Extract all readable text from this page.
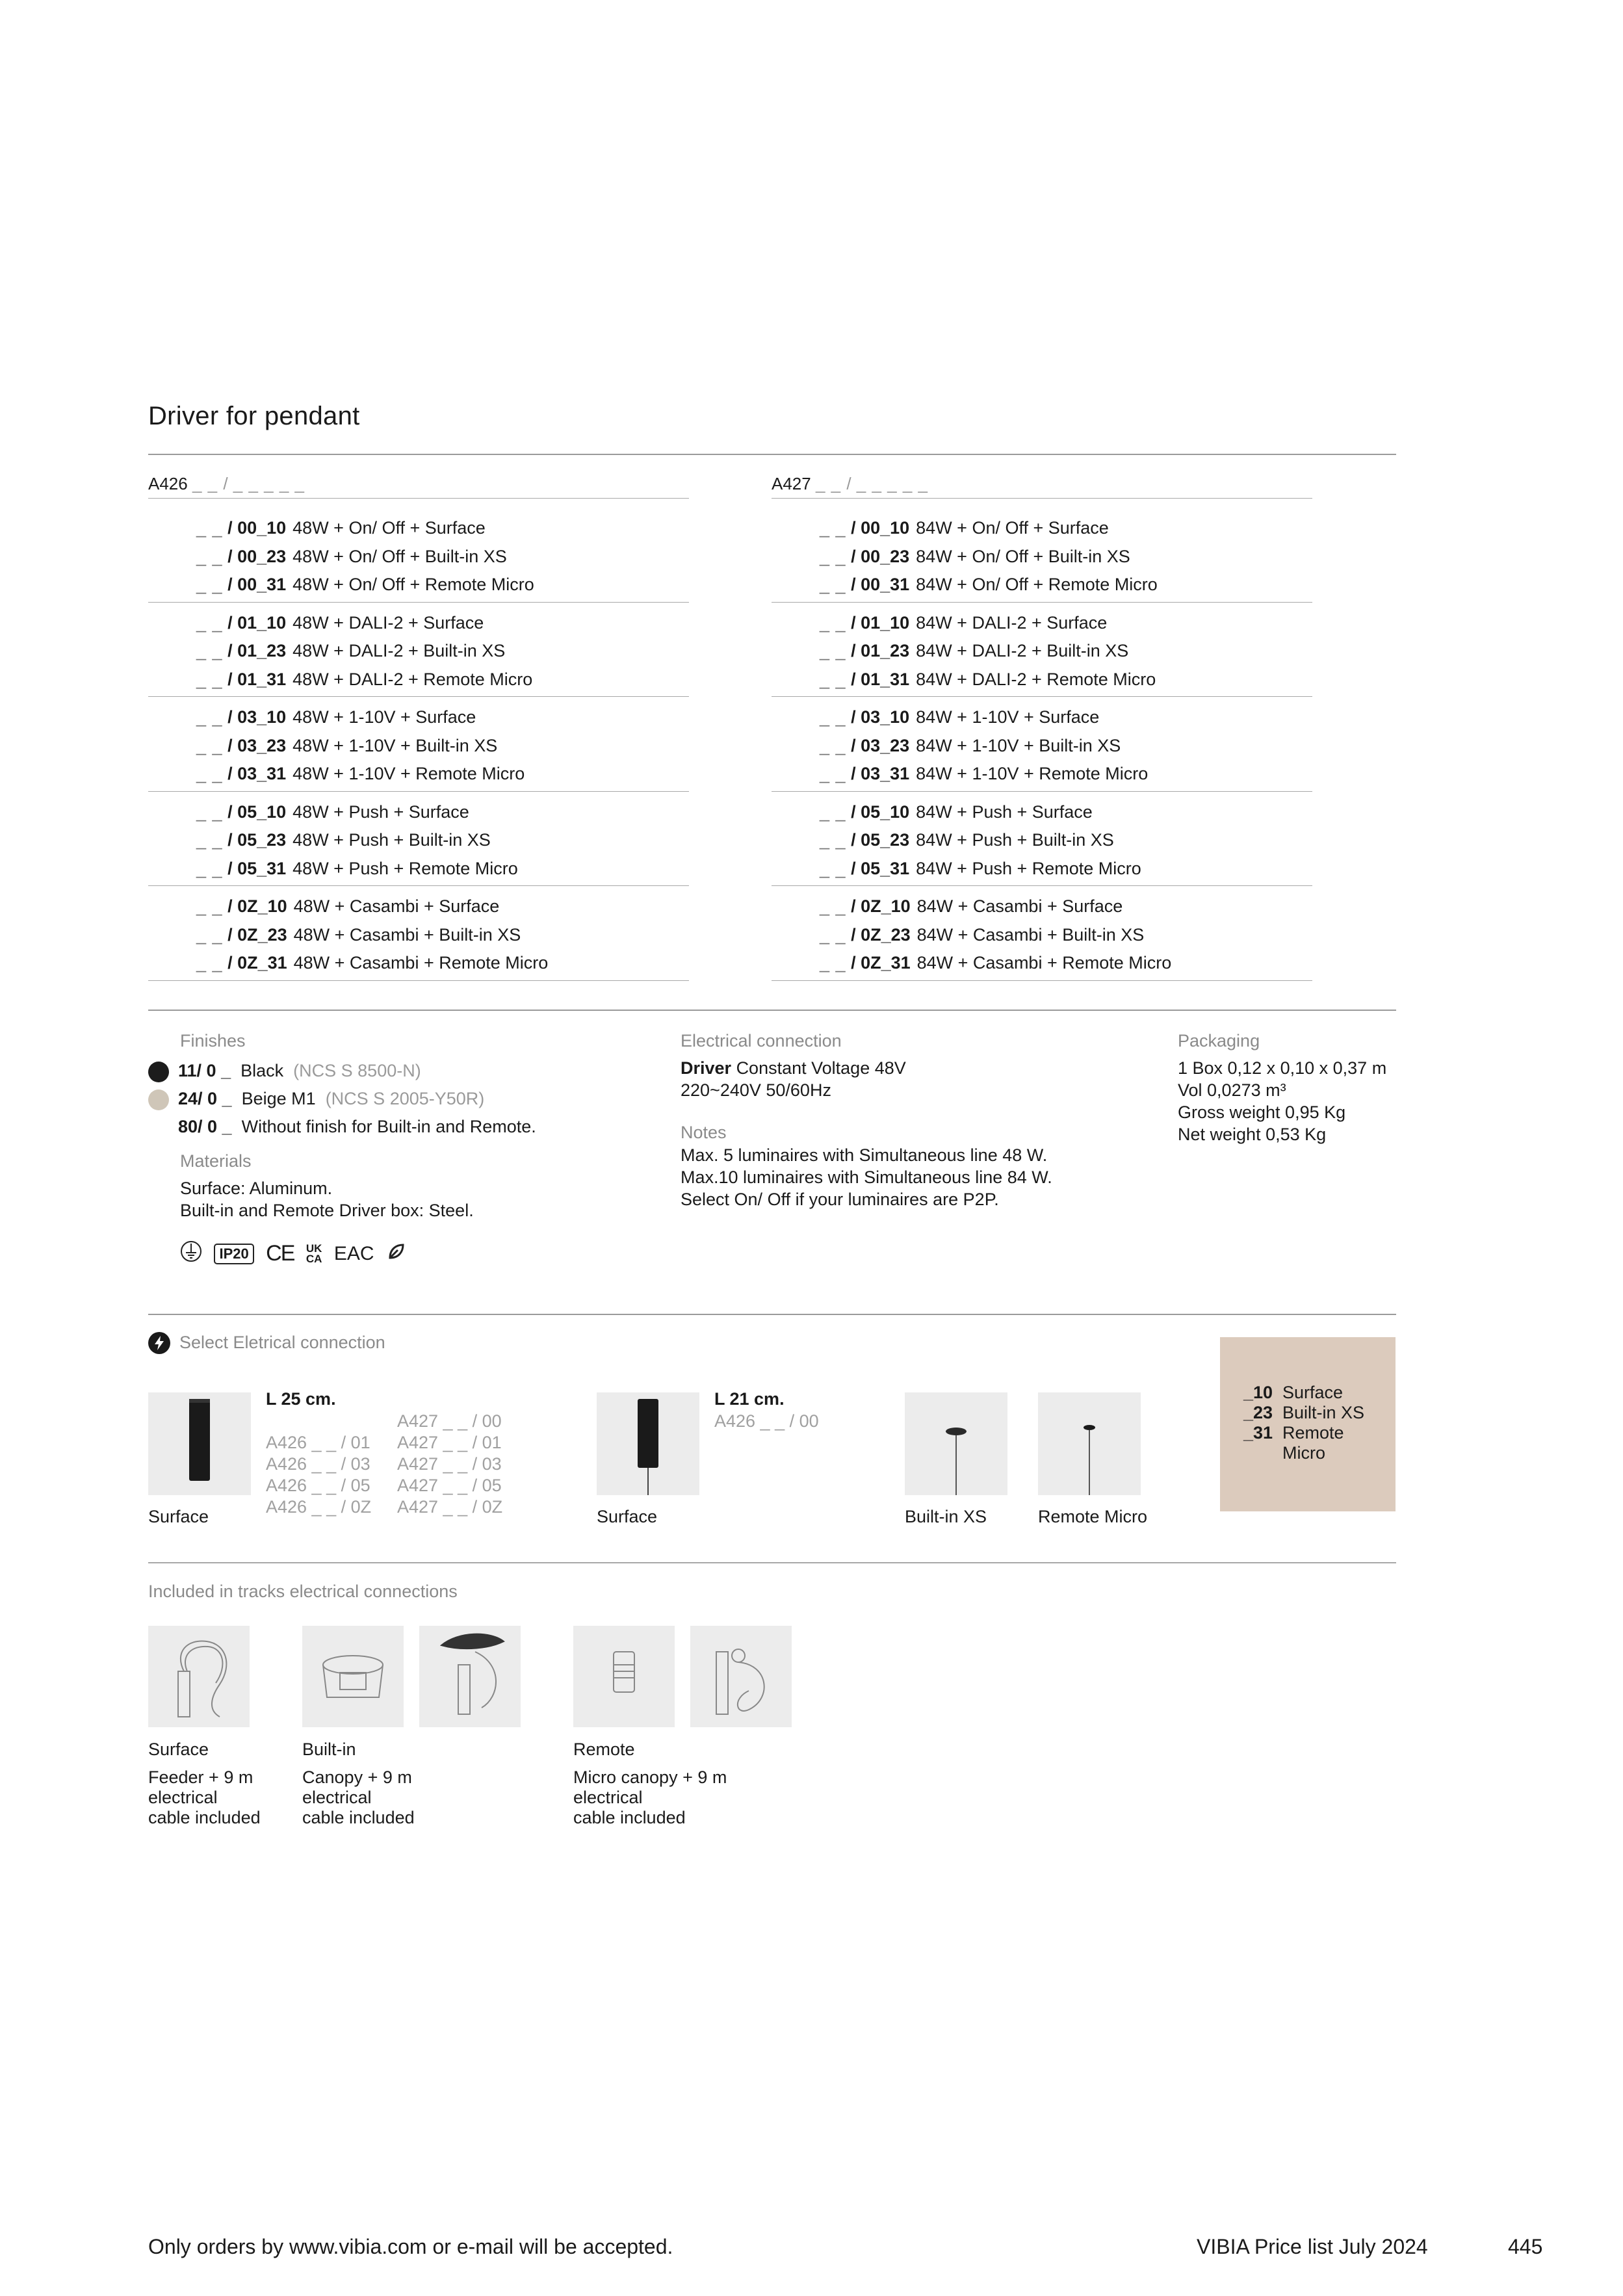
Driver for pendant
A426 _ _ / _ _ _ _ _
_ _ / 00_10 48W + On/ Off + Surface
_ _ / 00_23 48W + On/ Off + Built-in XS
_ _ / 00_31 48W + On/ Off + Remote Micro
_ _ / 01_10 48W + DALI-2 + Surface
_ _ / 01_23 48W + DALI-2 + Built-in XS
_ _ / 01_31 48W + DALI-2 + Remote Micro
_ _ / 03_10 48W + 1-10V + Surface
_ _ / 03_23 48W + 1-10V + Built-in XS
_ _ / 03_31 48W + 1-10V + Remote Micro
_ _ / 05_10 48W + Push + Surface
_ _ / 05_23 48W + Push + Built-in XS
_ _ / 05_31 48W + Push + Remote Micro
_ _ / 0Z_10 48W + Casambi + Surface
_ _ / 0Z_23 48W + Casambi + Built-in XS
_ _ / 0Z_31 48W + Casambi + Remote Micro
A427 _ _ / _ _ _ _ _
_ _ / 00_10 84W + On/ Off + Surface
_ _ / 00_23 84W + On/ Off + Built-in XS
_ _ / 00_31 84W + On/ Off + Remote Micro
_ _ / 01_10 84W + DALI-2 + Surface
_ _ / 01_23 84W + DALI-2 + Built-in XS
_ _ / 01_31 84W + DALI-2 + Remote Micro
_ _ / 03_10 84W + 1-10V + Surface
_ _ / 03_23 84W + 1-10V + Built-in XS
_ _ / 03_31 84W + 1-10V + Remote Micro
_ _ / 05_10 84W + Push + Surface
_ _ / 05_23 84W + Push + Built-in XS
_ _ / 05_31 84W + Push + Remote Micro
_ _ / 0Z_10 84W + Casambi + Surface
_ _ / 0Z_23 84W + Casambi + Built-in XS
_ _ / 0Z_31 84W + Casambi + Remote Micro
Finishes
11/ 0 _ Black (NCS S 8500-N)
24/ 0 _ Beige M1 (NCS S 2005-Y50R)
80/ 0 _ Without finish for Built-in and Remote.
Materials
Surface: Aluminum.
Built-in and Remote Driver box: Steel.
IP20 CE UK
CA EAC
Electrical connection
Driver Constant Voltage 48V
220~240V 50/60Hz
Notes
Max. 5 luminaires with Simultaneous line 48 W.
Max.10 luminaires with Simultaneous line 84 W.
Select On/ Off if your luminaires are P2P.
Packaging
1 Box 0,12 x 0,10 x 0,37 m
Vol 0,0273 m³
Gross weight 0,95 Kg
Net weight 0,53 Kg
Select Eletrical connection
Surface
L 25 cm.
A426 _ _ / 01
A426 _ _ / 03
A426 _ _ / 05
A426 _ _ / 0Z
A427 _ _ / 00
A427 _ _ / 01
A427 _ _ / 03
A427 _ _ / 05
A427 _ _ / 0Z	Surface
L 21 cm.
A426 _ _ / 00
Built-in XS	Remote Micro
_10 Surface
_23 Built-in XS
_31 Remote
Micro
Included in tracks electrical connections
Surface
Feeder + 9 m
electrical
cable included
Built-in
Canopy + 9 m
electrical
cable included
Remote
Micro canopy + 9 m
electrical
cable included
Only orders by www.vibia.com or e-mail will be accepted.	VIBIA Price list July 2024	445
